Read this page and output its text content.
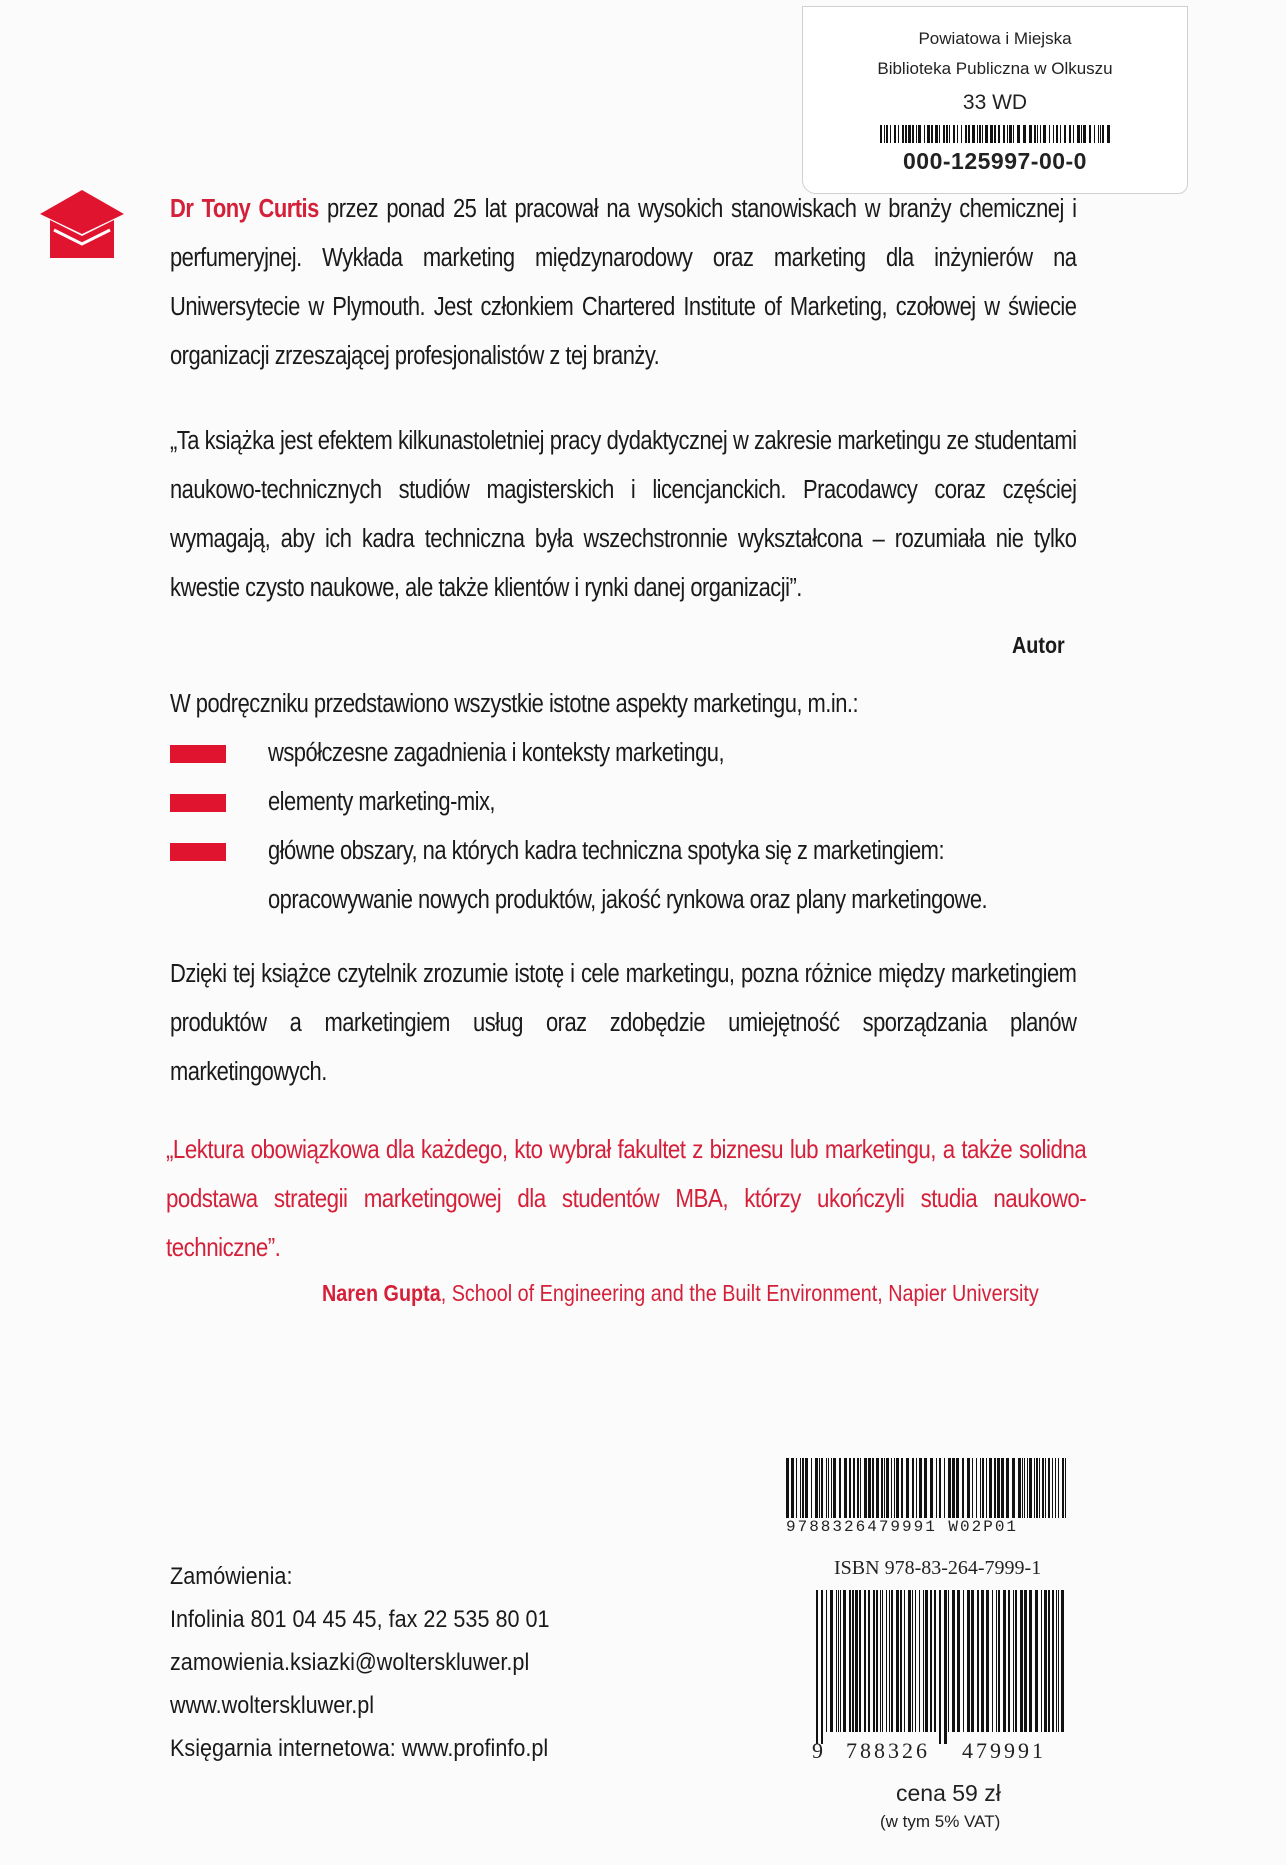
Powiatowa i Miejska
Biblioteka Publiczna w Olkuszu
33 WD
000-125997-00-0
Dr Tony Curtis przez ponad 25 lat pracował na wysokich stanowiskach w branży chemicznej i perfumeryjnej. Wykłada marketing międzynarodowy oraz marketing dla inżynierów na Uniwersytecie w Plymouth. Jest członkiem Chartered Institute of Marketing, czołowej w świecie organizacji zrzeszającej profesjonalistów z tej branży.
„Ta książka jest efektem kilkunastoletniej pracy dydaktycznej w zakresie marketingu ze studentami naukowo-technicznych studiów magisterskich i licencjanckich. Pracodawcy coraz częściej wymagają, aby ich kadra techniczna była wszechstronnie wykształcona – rozumiała nie tylko kwestie czysto naukowe, ale także klientów i rynki danej organizacji”.
Autor
W podręczniku przedstawiono wszystkie istotne aspekty marketingu, m.in.:
współczesne zagadnienia i konteksty marketingu,
elementy marketing-mix,
główne obszary, na których kadra techniczna spotyka się z marketingiem:
opracowywanie nowych produktów, jakość rynkowa oraz plany marketingowe.
Dzięki tej książce czytelnik zrozumie istotę i cele marketingu, pozna różnice między marketingiem produktów a marketingiem usług oraz zdobędzie umiejętność sporządzania planów marketingowych.
„Lektura obowiązkowa dla każdego, kto wybrał fakultet z biznesu lub marketingu, a także solidna podstawa strategii marketingowej dla studentów MBA, którzy ukończyli studia naukowo-techniczne”.
Naren Gupta, School of Engineering and the Built Environment, Napier University
9788326479991 W02P01
Zamówienia:
Infolinia 801 04 45 45, fax 22 535 80 01
zamowienia.ksiazki@wolterskluwer.pl
www.wolterskluwer.pl
Księgarnia internetowa: www.profinfo.pl
ISBN 978-83-264-7999-1
9 788326 479991
cena 59 zł
(w tym 5% VAT)
